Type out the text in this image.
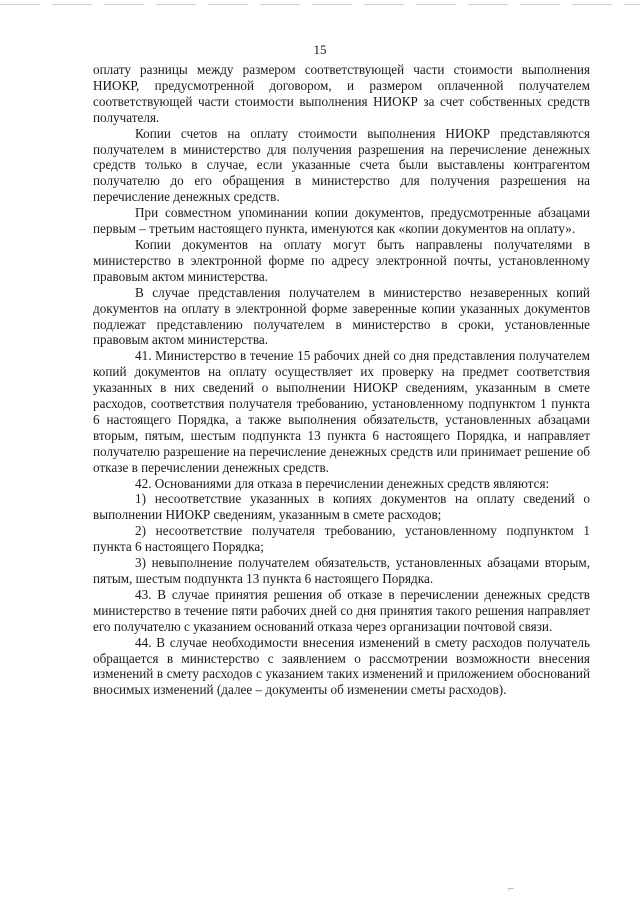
15

оплату разницы между размером соответствующей части стоимости выполнения НИОКР, предусмотренной договором, и размером оплаченной получателем соответствующей части стоимости выполнения НИОКР за счет собственных средств получателя.

Копии счетов на оплату стоимости выполнения НИОКР представляются получателем в министерство для получения разрешения на перечисление денежных средств только в случае, если указанные счета были выставлены контрагентом получателю до его обращения в министерство для получения разрешения на перечисление денежных средств.

При совместном упоминании копии документов, предусмотренные абзацами первым – третьим настоящего пункта, именуются как «копии документов на оплату».

Копии документов на оплату могут быть направлены получателями в министерство в электронной форме по адресу электронной почты, установленному правовым актом министерства.

В случае представления получателем в министерство незаверенных копий документов на оплату в электронной форме заверенные копии указанных документов подлежат представлению получателем в министерство в сроки, установленные правовым актом министерства.

41. Министерство в течение 15 рабочих дней со дня представления получателем копий документов на оплату осуществляет их проверку на предмет соответствия указанных в них сведений о выполнении НИОКР сведениям, указанным в смете расходов, соответствия получателя требованию, установленному подпунктом 1 пункта 6 настоящего Порядка, а также выполнения обязательств, установленных абзацами вторым, пятым, шестым подпункта 13 пункта 6 настоящего Порядка, и направляет получателю разрешение на перечисление денежных средств или принимает решение об отказе в перечислении денежных средств.

42. Основаниями для отказа в перечислении денежных средств являются:

1) несоответствие указанных в копиях документов на оплату сведений о выполнении НИОКР сведениям, указанным в смете расходов;

2) несоответствие получателя требованию, установленному подпунктом 1 пункта 6 настоящего Порядка;

3) невыполнение получателем обязательств, установленных абзацами вторым, пятым, шестым подпункта 13 пункта 6 настоящего Порядка.

43. В случае принятия решения об отказе в перечислении денежных средств министерство в течение пяти рабочих дней со дня принятия такого решения направляет его получателю с указанием оснований отказа через организации почтовой связи.

44. В случае необходимости внесения изменений в смету расходов получатель обращается в министерство с заявлением о рассмотрении возможности внесения изменений в смету расходов с указанием таких изменений и приложением обоснований вносимых изменений (далее – документы об изменении сметы расходов).

⌐
